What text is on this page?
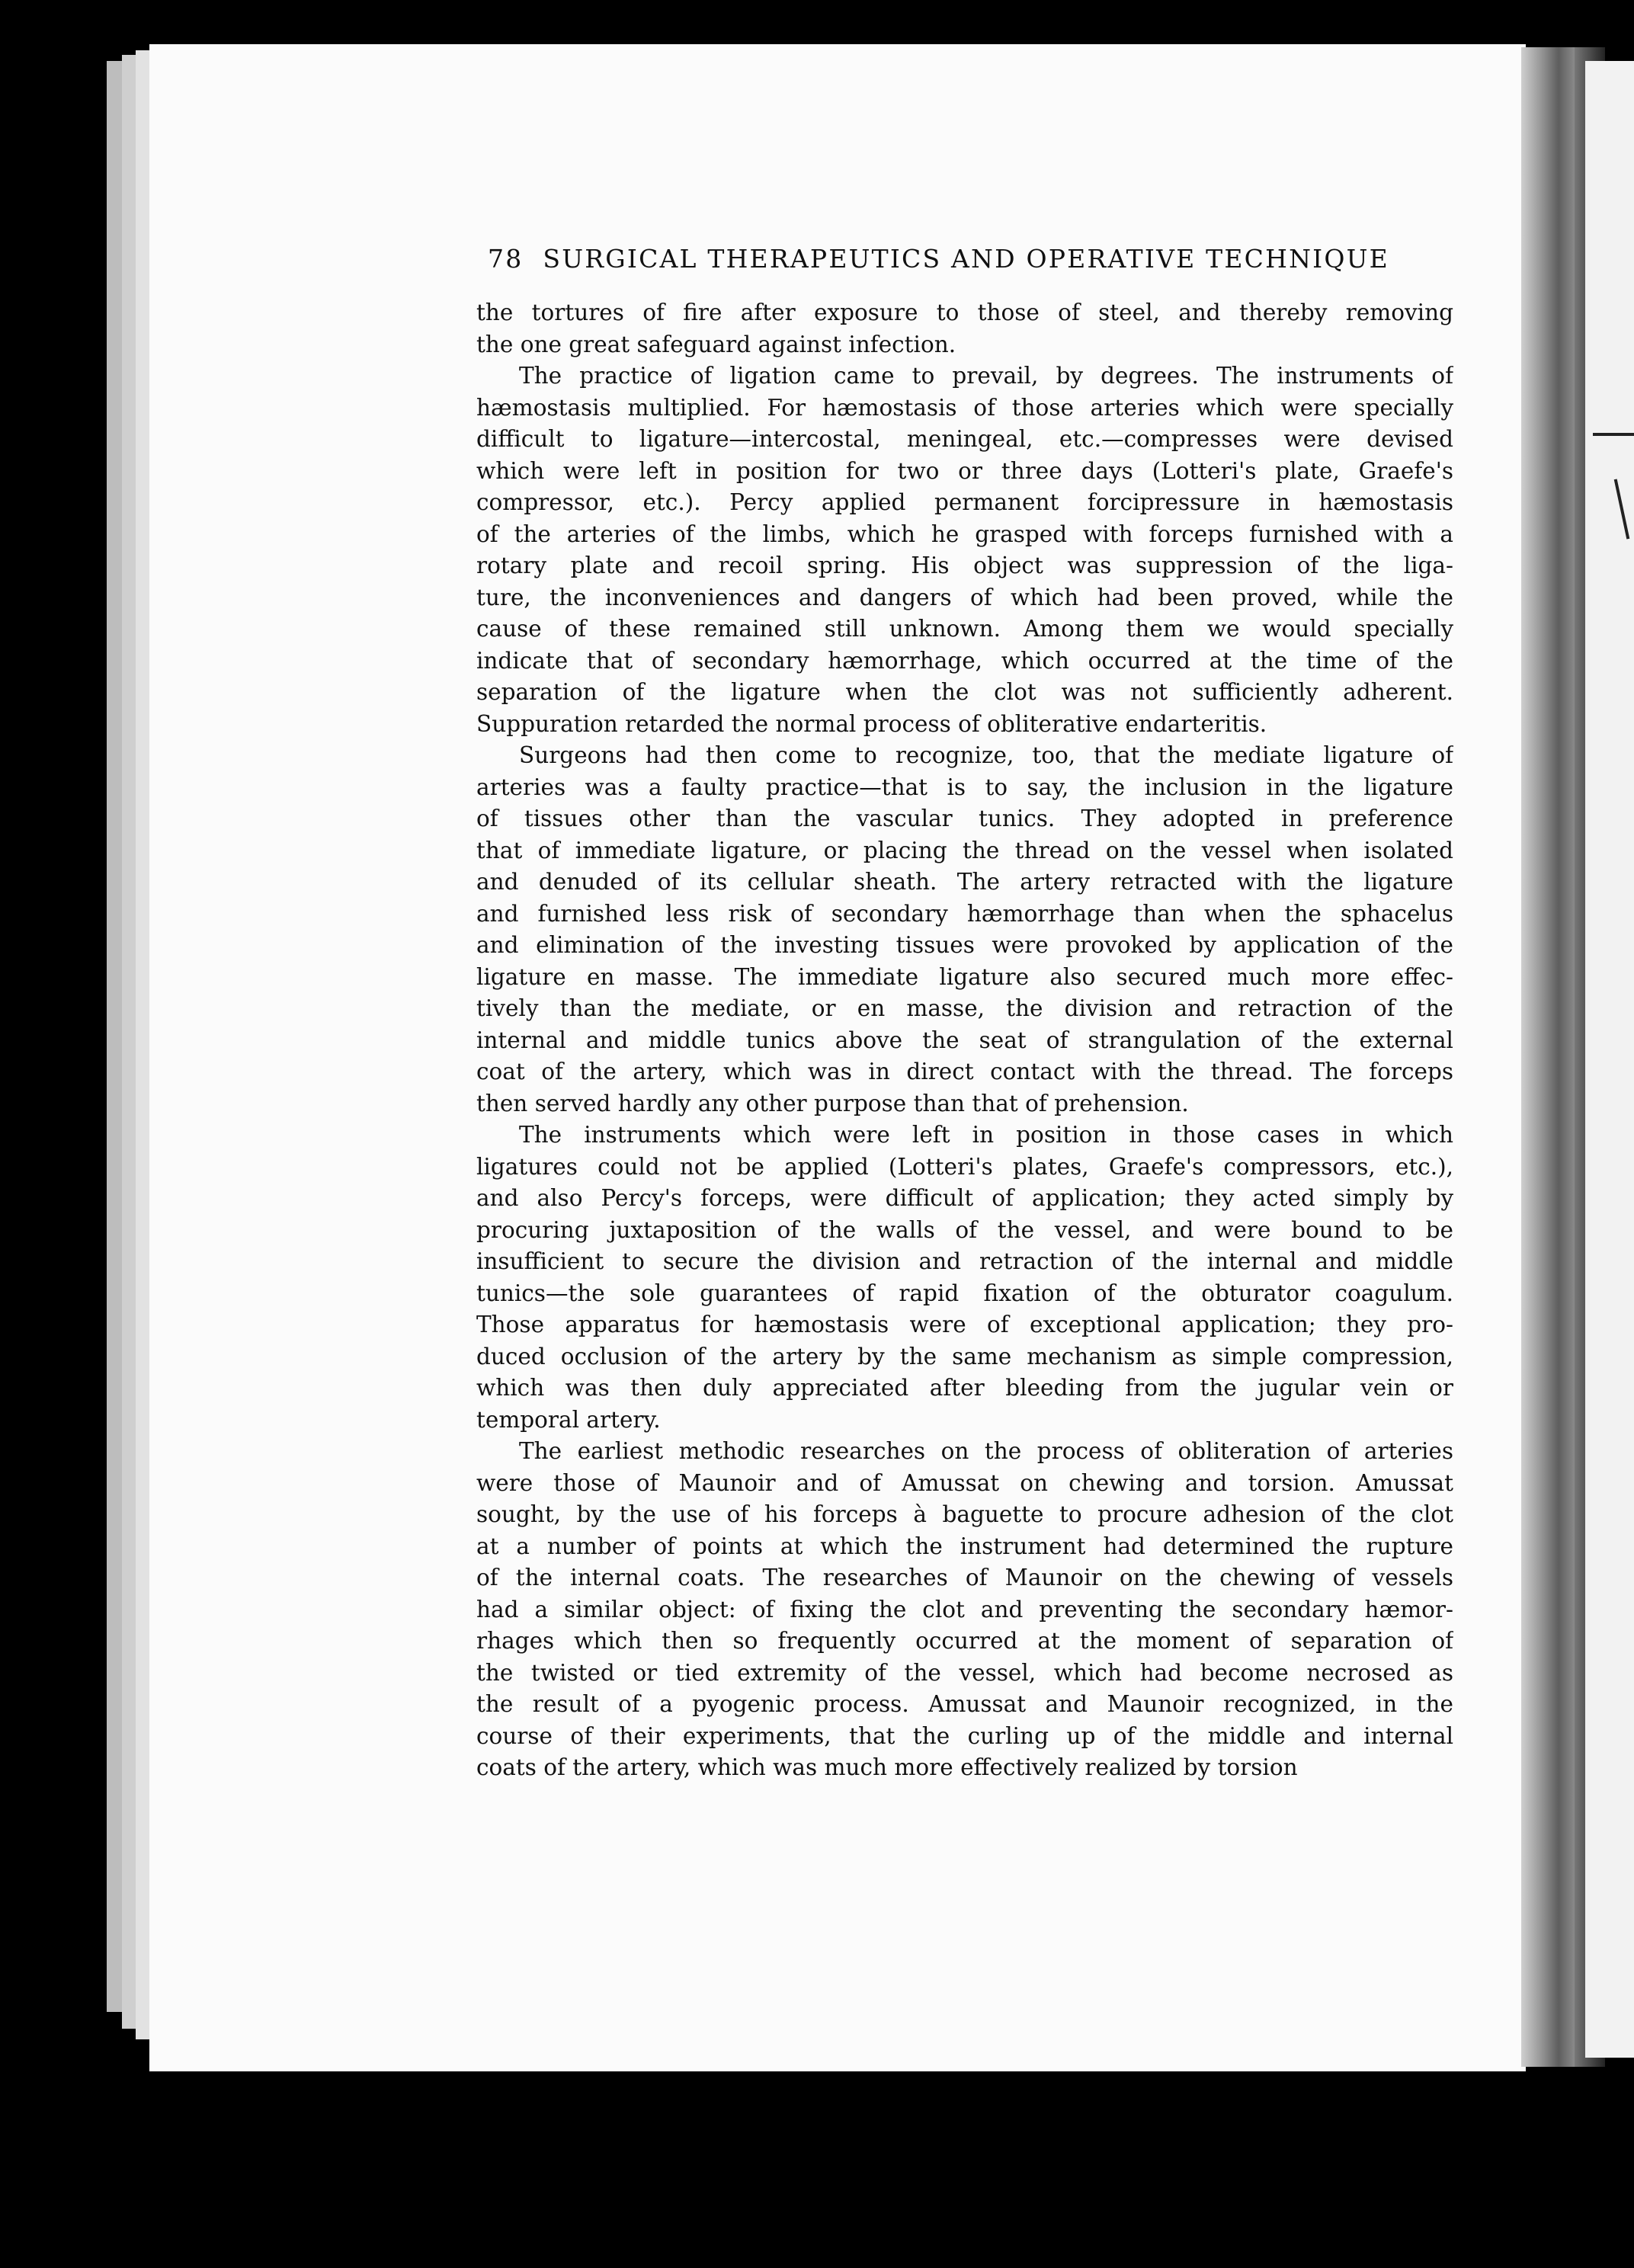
78 SURGICAL THERAPEUTICS AND OPERATIVE TECHNIQUE
the tortures of fire after exposure to those of steel, and thereby removing
the one great safeguard against infection.
The practice of ligation came to prevail, by degrees. The instruments of
hæmostasis multiplied. For hæmostasis of those arteries which were specially
difficult to ligature—intercostal, meningeal, etc.—compresses were devised
which were left in position for two or three days (Lotteri's plate, Graefe's
compressor, etc.). Percy applied permanent forcipressure in hæmostasis
of the arteries of the limbs, which he grasped with forceps furnished with a
rotary plate and recoil spring. His object was suppression of the liga-
ture, the inconveniences and dangers of which had been proved, while the
cause of these remained still unknown. Among them we would specially
indicate that of secondary hæmorrhage, which occurred at the time of the
separation of the ligature when the clot was not sufficiently adherent.
Suppuration retarded the normal process of obliterative endarteritis.
Surgeons had then come to recognize, too, that the mediate ligature of
arteries was a faulty practice—that is to say, the inclusion in the ligature
of tissues other than the vascular tunics. They adopted in preference
that of immediate ligature, or placing the thread on the vessel when isolated
and denuded of its cellular sheath. The artery retracted with the ligature
and furnished less risk of secondary hæmorrhage than when the sphacelus
and elimination of the investing tissues were provoked by application of the
ligature en masse. The immediate ligature also secured much more effec-
tively than the mediate, or en masse, the division and retraction of the
internal and middle tunics above the seat of strangulation of the external
coat of the artery, which was in direct contact with the thread. The forceps
then served hardly any other purpose than that of prehension.
The instruments which were left in position in those cases in which
ligatures could not be applied (Lotteri's plates, Graefe's compressors, etc.),
and also Percy's forceps, were difficult of application; they acted simply by
procuring juxtaposition of the walls of the vessel, and were bound to be
insufficient to secure the division and retraction of the internal and middle
tunics—the sole guarantees of rapid fixation of the obturator coagulum.
Those apparatus for hæmostasis were of exceptional application; they pro-
duced occlusion of the artery by the same mechanism as simple compression,
which was then duly appreciated after bleeding from the jugular vein or
temporal artery.
The earliest methodic researches on the process of obliteration of arteries
were those of Maunoir and of Amussat on chewing and torsion. Amussat
sought, by the use of his forceps à baguette to procure adhesion of the clot
at a number of points at which the instrument had determined the rupture
of the internal coats. The researches of Maunoir on the chewing of vessels
had a similar object: of fixing the clot and preventing the secondary hæmor-
rhages which then so frequently occurred at the moment of separation of
the twisted or tied extremity of the vessel, which had become necrosed as
the result of a pyogenic process. Amussat and Maunoir recognized, in the
course of their experiments, that the curling up of the middle and internal
coats of the artery, which was much more effectively realized by torsion
